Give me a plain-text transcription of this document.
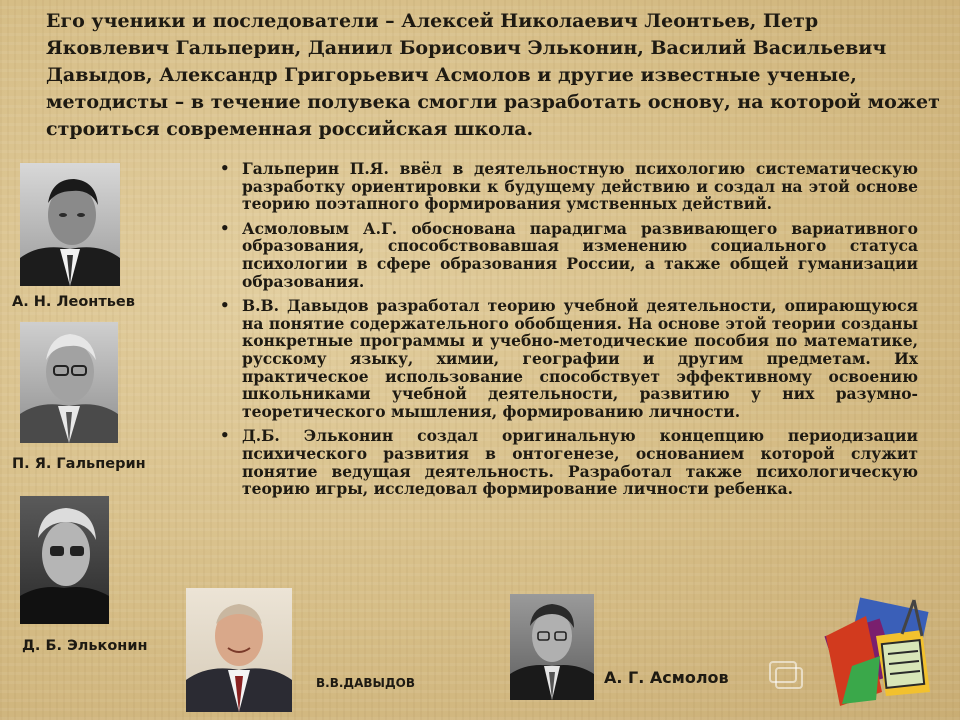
Его ученики и последователи – Алексей Николаевич Леонтьев, Петр Яковлевич Гальперин, Даниил Борисович Эльконин, Василий Васильевич Давыдов, Александр Григорьевич Асмолов и другие известные ученые, методисты – в течение полувека смогли разработать основу, на которой может строиться современная российская школа.

• Гальперин П.Я. ввёл в деятельностную психологию систематическую разработку ориентировки к будущему действию и создал на этой основе теорию поэтапного формирования умственных действий.
• Асмоловым А.Г. обоснована парадигма развивающего вариативного образования, способствовавшая изменению социального статуса психологии в сфере образования России, а также общей гуманизации образования.
• В.В. Давыдов разработал теорию учебной деятельности, опирающуюся на понятие содержательного обобщения. На основе этой теории созданы конкретные программы и учебно-методические пособия по математике, русскому языку, химии, географии и другим предметам. Их практическое использование способствует эффективному освоению школьниками учебной деятельности, развитию у них разумно-теоретического мышления, формированию личности.
• Д.Б. Эльконин создал оригинальную концепцию периодизации психического развития в онтогенезе, основанием которой служит понятие ведущая деятельность. Разработал также психологическую теорию игры, исследовал формирование личности ребенка.
А. Н. Леонтьев
П. Я. Гальперин
Д. Б. Эльконин
В.В.ДАВЫДОВ	А. Г. Асмолов
